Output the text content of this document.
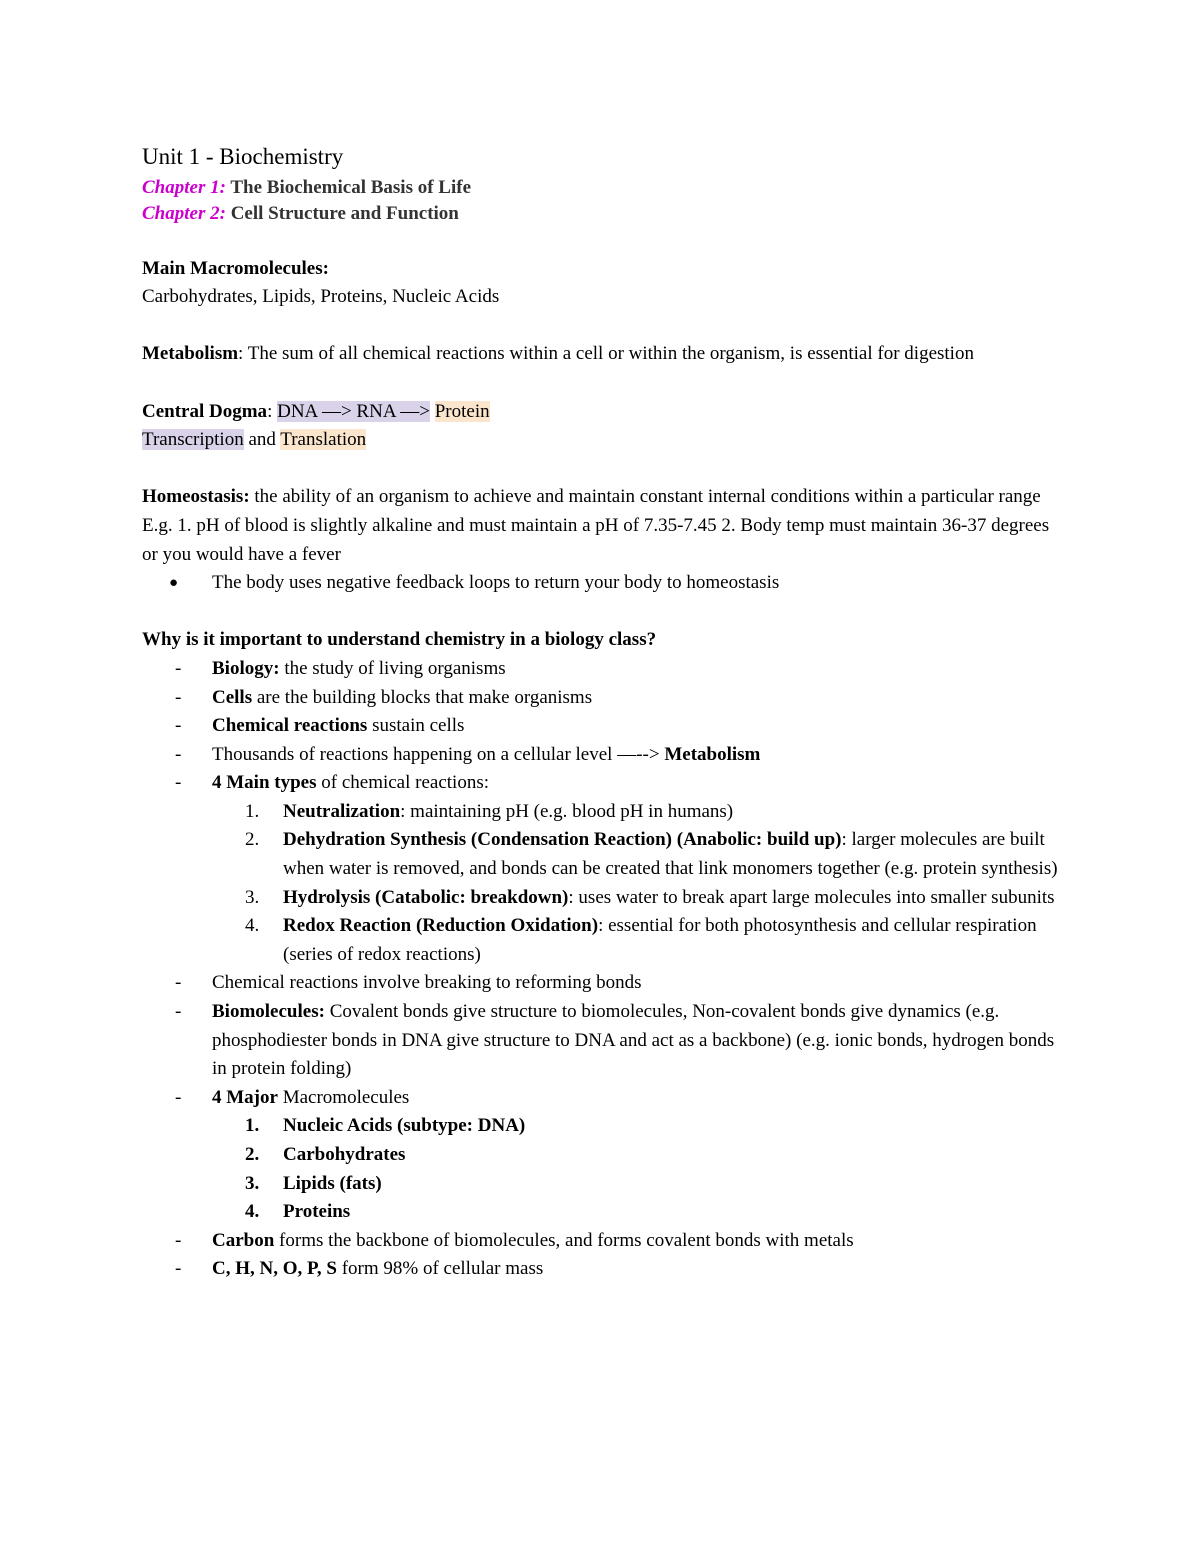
Unit 1 - Biochemistry
Chapter 1: The Biochemical Basis of Life
Chapter 2: Cell Structure and Function
Main Macromolecules:
Carbohydrates, Lipids, Proteins, Nucleic Acids
Metabolism: The sum of all chemical reactions within a cell or within the organism, is essential for digestion
Central Dogma: DNA —> RNA —> Protein
Transcription and Translation
Homeostasis: the ability of an organism to achieve and maintain constant internal conditions within a particular range
E.g. 1. pH of blood is slightly alkaline and must maintain a pH of 7.35-7.45 2. Body temp must maintain 36-37 degrees or you would have a fever
● The body uses negative feedback loops to return your body to homeostasis
Why is it important to understand chemistry in a biology class?
- Biology: the study of living organisms
- Cells are the building blocks that make organisms
- Chemical reactions sustain cells
- Thousands of reactions happening on a cellular level —--> Metabolism
- 4 Main types of chemical reactions:
1. Neutralization: maintaining pH (e.g. blood pH in humans)
2. Dehydration Synthesis (Condensation Reaction) (Anabolic: build up): larger molecules are built when water is removed, and bonds can be created that link monomers together (e.g. protein synthesis)
3. Hydrolysis (Catabolic: breakdown): uses water to break apart large molecules into smaller subunits
4. Redox Reaction (Reduction Oxidation): essential for both photosynthesis and cellular respiration (series of redox reactions)
- Chemical reactions involve breaking to reforming bonds
- Biomolecules: Covalent bonds give structure to biomolecules, Non-covalent bonds give dynamics (e.g. phosphodiester bonds in DNA give structure to DNA and act as a backbone) (e.g. ionic bonds, hydrogen bonds in protein folding)
- 4 Major Macromolecules
1. Nucleic Acids (subtype: DNA)
2. Carbohydrates
3. Lipids (fats)
4. Proteins
- Carbon forms the backbone of biomolecules, and forms covalent bonds with metals
- C, H, N, O, P, S form 98% of cellular mass
